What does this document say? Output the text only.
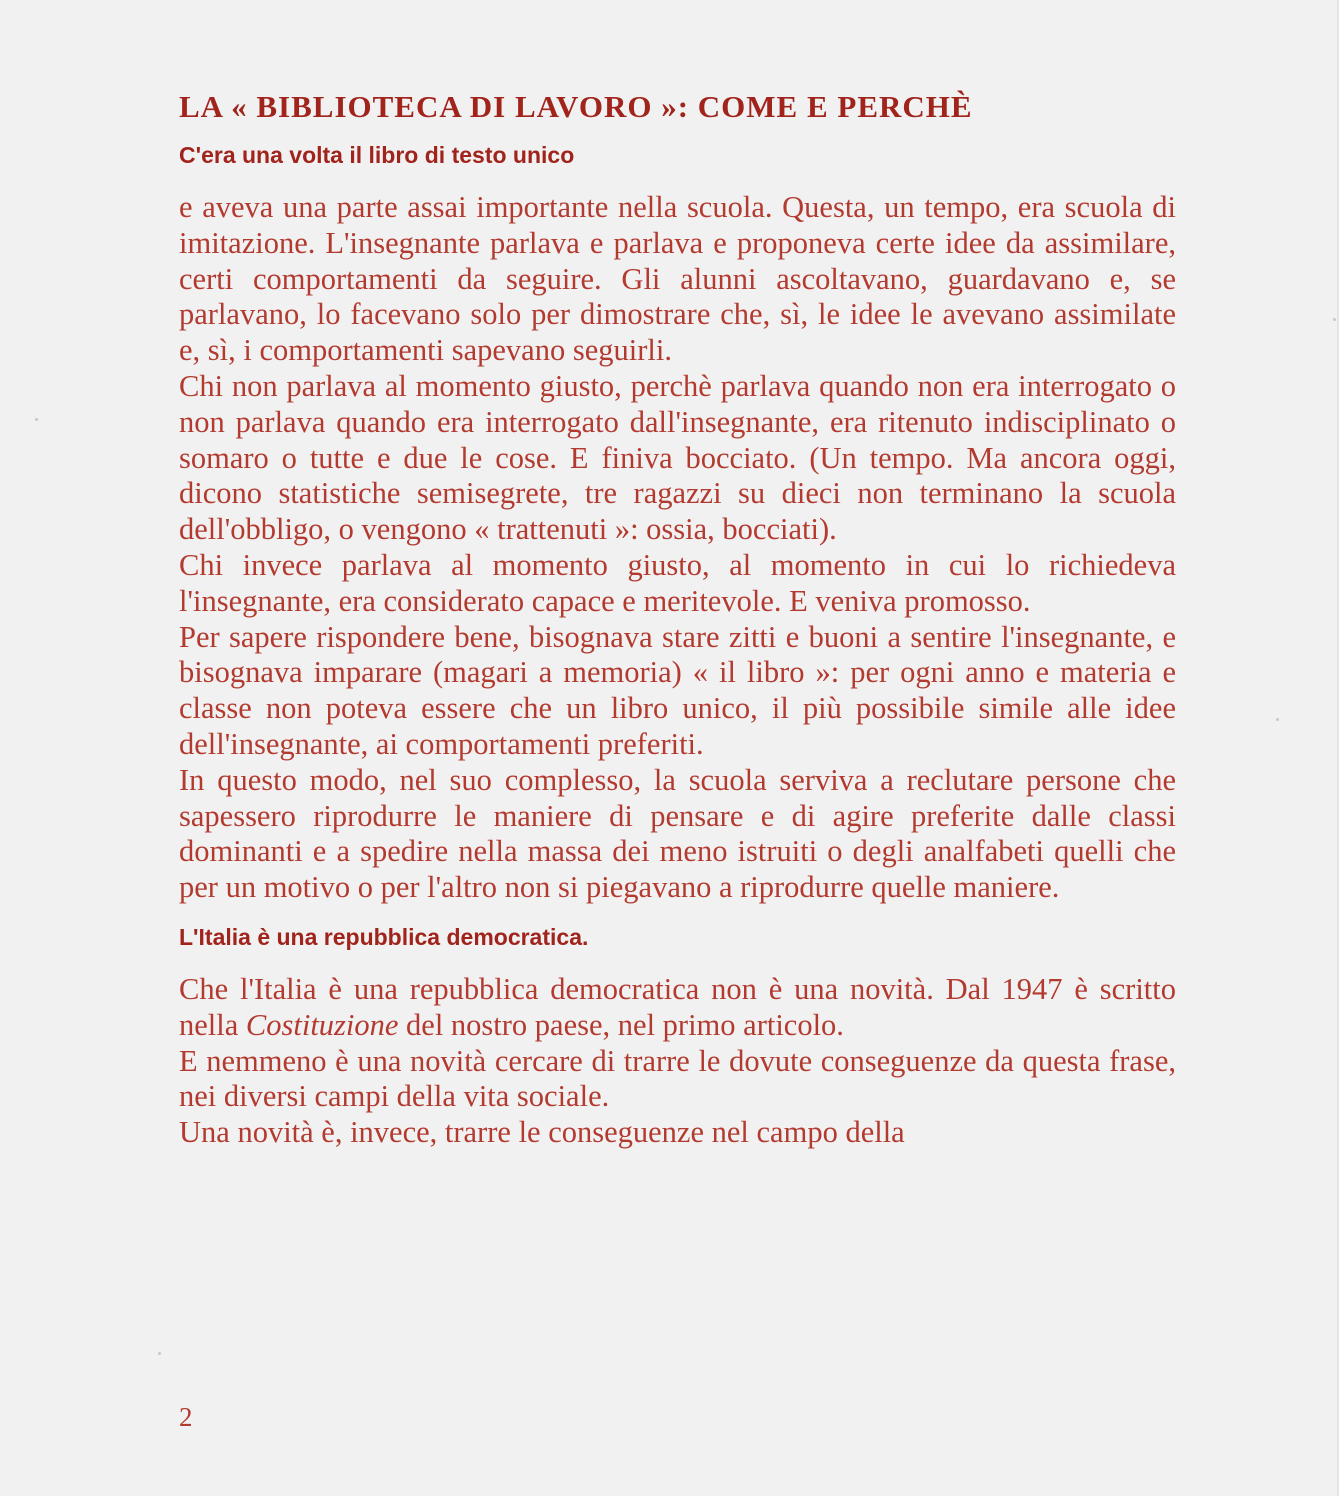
LA « BIBLIOTECA DI LAVORO »: COME E PERCHÈ
C'era una volta il libro di testo unico

e aveva una parte assai importante nella scuola. Questa, un tempo, era scuola di imitazione. L'insegnante parlava e parlava e proponeva certe idee da assimilare, certi comportamenti da seguire. Gli alunni ascoltavano, guardavano e, se parlavano, lo facevano solo per dimostrare che, sì, le idee le avevano assimilate e, sì, i comportamenti sapevano seguirli.

Chi non parlava al momento giusto, perchè parlava quando non era interrogato o non parlava quando era interrogato dall'insegnante, era ritenuto indisciplinato o somaro o tutte e due le cose. E finiva bocciato. (Un tempo. Ma ancora oggi, dicono statistiche semisegrete, tre ragazzi su dieci non terminano la scuola dell'obbligo, o vengono « trattenuti »: ossia, bocciati).

Chi invece parlava al momento giusto, al momento in cui lo richiedeva l'insegnante, era considerato capace e meritevole. E veniva promosso.

Per sapere rispondere bene, bisognava stare zitti e buoni a sentire l'insegnante, e bisognava imparare (magari a memoria) « il libro »: per ogni anno e materia e classe non poteva essere che un libro unico, il più possibile simile alle idee dell'insegnante, ai comportamenti preferiti.

In questo modo, nel suo complesso, la scuola serviva a reclutare persone che sapessero riprodurre le maniere di pensare e di agire preferite dalle classi dominanti e a spedire nella massa dei meno istruiti o degli analfabeti quelli che per un motivo o per l'altro non si piegavano a riprodurre quelle maniere.

L'Italia è una repubblica democratica.

Che l'Italia è una repubblica democratica non è una novità. Dal 1947 è scritto nella Costituzione del nostro paese, nel primo articolo.

E nemmeno è una novità cercare di trarre le dovute conseguenze da questa frase, nei diversi campi della vita sociale.

Una novità è, invece, trarre le conseguenze nel campo della

2
